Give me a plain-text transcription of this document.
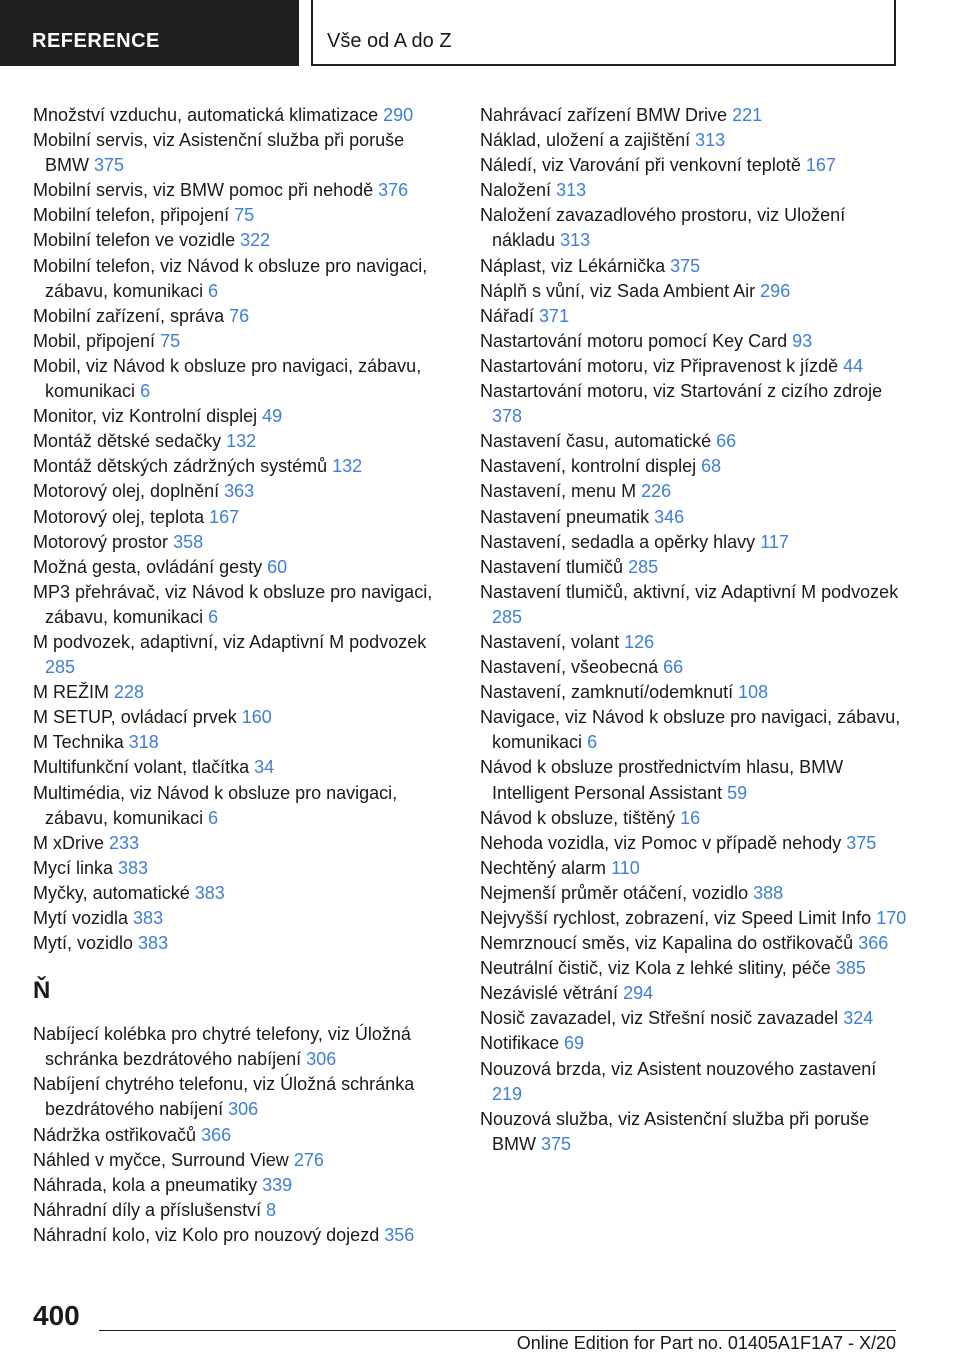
REFERENCE	Vše od A do Z
Množství vzduchu, automatická klimatizace 290
Mobilní servis, viz Asistenční služba při poruše BMW 375
Mobilní servis, viz BMW pomoc při nehodě 376
Mobilní telefon, připojení 75
Mobilní telefon ve vozidle 322
Mobilní telefon, viz Návod k obsluze pro navigaci, zábavu, komunikaci 6
Mobilní zařízení, správa 76
Mobil, připojení 75
Mobil, viz Návod k obsluze pro navigaci, zábavu, komunikaci 6
Monitor, viz Kontrolní displej 49
Montáž dětské sedačky 132
Montáž dětských zádržných systémů 132
Motorový olej, doplnění 363
Motorový olej, teplota 167
Motorový prostor 358
Možná gesta, ovládání gesty 60
MP3 přehrávač, viz Návod k obsluze pro navigaci, zábavu, komunikaci 6
M podvozek, adaptivní, viz Adaptivní M podvozek 285
M REŽIM 228
M SETUP, ovládací prvek 160
M Technika 318
Multifunkční volant, tlačítka 34
Multimédia, viz Návod k obsluze pro navigaci, zábavu, komunikaci 6
M xDrive 233
Mycí linka 383
Myčky, automatické 383
Mytí vozidla 383
Mytí, vozidlo 383
Ň
Nabíjecí kolébka pro chytré telefony, viz Úložná schránka bezdrátového nabíjení 306
Nabíjení chytrého telefonu, viz Úložná schránka bezdrátového nabíjení 306
Nádržka ostřikovačů 366
Náhled v myčce, Surround View 276
Náhrada, kola a pneumatiky 339
Náhradní díly a příslušenství 8
Náhradní kolo, viz Kolo pro nouzový dojezd 356
Nahrávací zařízení BMW Drive 221
Náklad, uložení a zajištění 313
Náledí, viz Varování při venkovní teplotě 167
Naložení 313
Naložení zavazadlového prostoru, viz Uložení nákladu 313
Náplast, viz Lékárnička 375
Náplň s vůní, viz Sada Ambient Air 296
Nářadí 371
Nastartování motoru pomocí Key Card 93
Nastartování motoru, viz Připravenost k jízdě 44
Nastartování motoru, viz Startování z cizího zdroje 378
Nastavení času, automatické 66
Nastavení, kontrolní displej 68
Nastavení, menu M 226
Nastavení pneumatik 346
Nastavení, sedadla a opěrky hlavy 117
Nastavení tlumičů 285
Nastavení tlumičů, aktivní, viz Adaptivní M podvozek 285
Nastavení, volant 126
Nastavení, všeobecná 66
Nastavení, zamknutí/odemknutí 108
Navigace, viz Návod k obsluze pro navigaci, zábavu, komunikaci 6
Návod k obsluze prostřednictvím hlasu, BMW Intelligent Personal Assistant 59
Návod k obsluze, tištěný 16
Nehoda vozidla, viz Pomoc v případě nehody 375
Nechtěný alarm 110
Nejmenší průměr otáčení, vozidlo 388
Nejvyšší rychlost, zobrazení, viz Speed Limit Info 170
Nemrznoucí směs, viz Kapalina do ostřikovačů 366
Neutrální čistič, viz Kola z lehké slitiny, péče 385
Nezávislé větrání 294
Nosič zavazadel, viz Střešní nosič zavazadel 324
Notifikace 69
Nouzová brzda, viz Asistent nouzového zastavení 219
Nouzová služba, viz Asistenční služba při poruše BMW 375
400
Online Edition for Part no. 01405A1F1A7 - X/20
